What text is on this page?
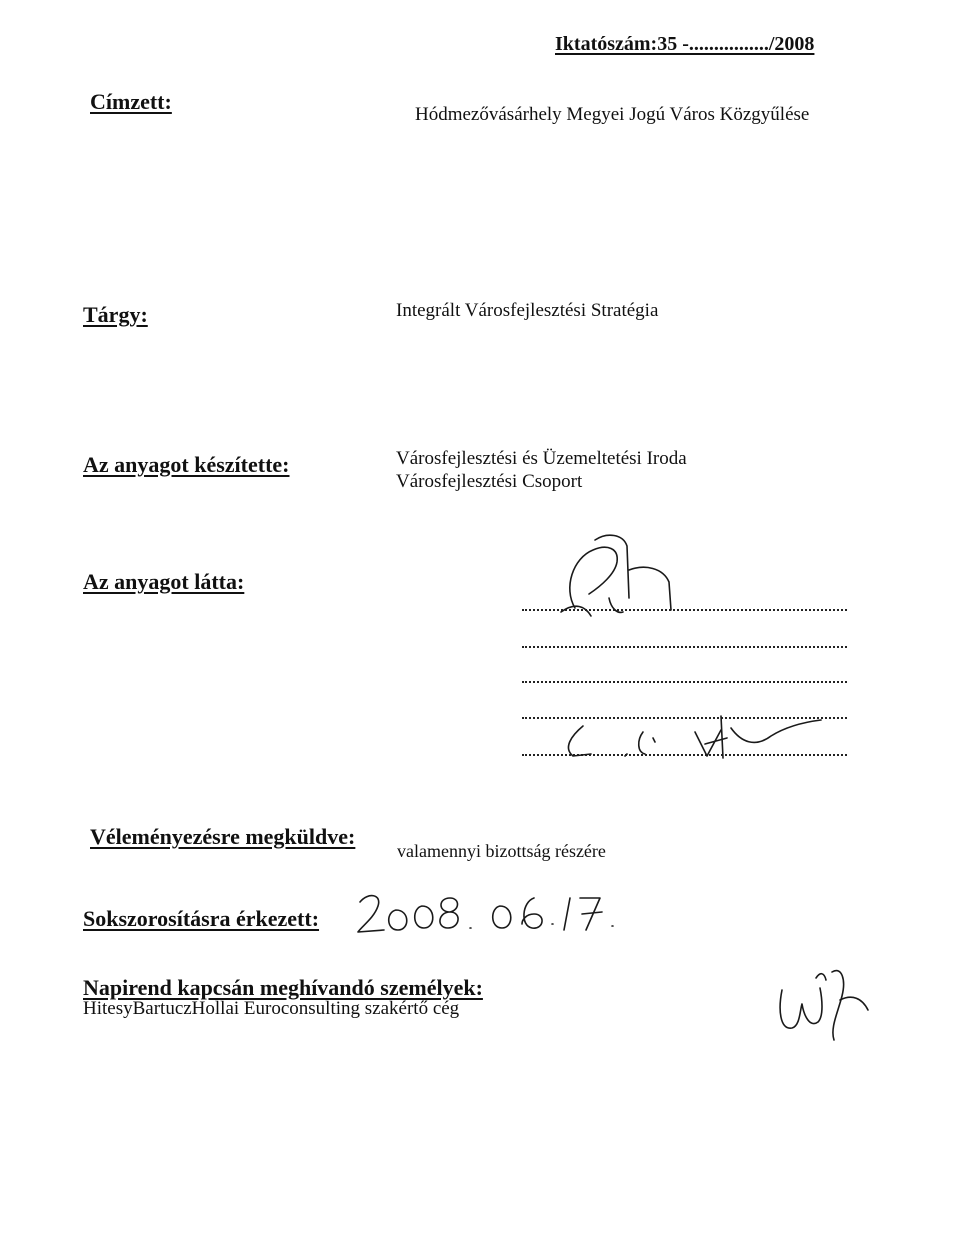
Iktatószám:35 -................/2008
Címzett:
Hódmezővásárhely Megyei Jogú Város Közgyűlése
Tárgy:	Integrált Városfejlesztési Stratégia
Az anyagot készítette:	Városfejlesztési és Üzemeltetési Iroda
Városfejlesztési Csoport
Az anyagot látta:
Véleményezésre megküldve:
valamennyi bizottság részére
Sokszorosításra érkezett:
Napirend kapcsán meghívandó személyek:
HitesyBartuczHollai Euroconsulting szakértő cég
